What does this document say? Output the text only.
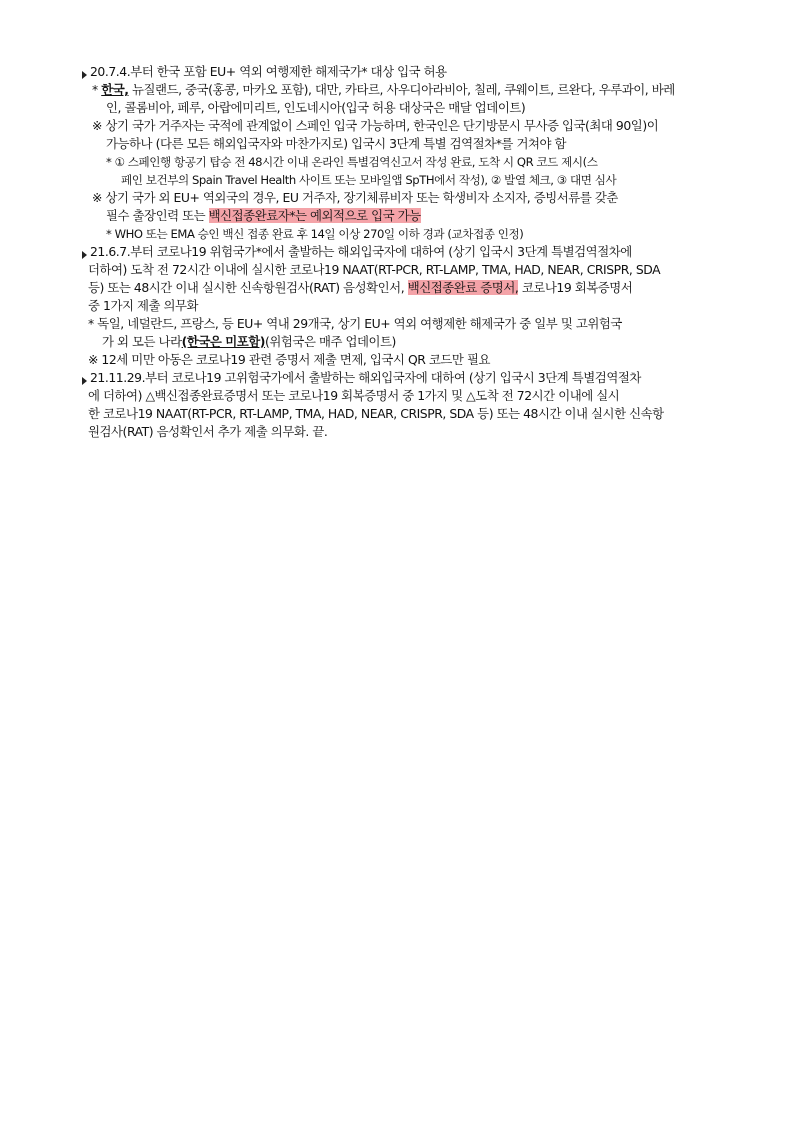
20.7.4.부터 한국 포함 EU+ 역외 여행제한 해제국가* 대상 입국 허용
* 한국, 뉴질랜드, 중국(홍콩, 마카오 포함), 대만, 카타르, 사우디아라비아, 칠레, 쿠웨이트, 르완다, 우루과이, 바레
인, 콜롬비아, 페루, 아랍에미리트, 인도네시아(입국 허용 대상국은 매달 업데이트)
※ 상기 국가 거주자는 국적에 관계없이 스페인 입국 가능하며, 한국인은 단기방문시 무사증 입국(최대 90일)이
가능하나 (다른 모든 해외입국자와 마찬가지로) 입국시 3단계 특별 검역절차*를 거쳐야 함
* ① 스페인행 항공기 탑승 전 48시간 이내 온라인 특별검역신고서 작성 완료, 도착 시 QR 코드 제시(스
페인 보건부의 Spain Travel Health 사이트 또는 모바일앱 SpTH에서 작성), ② 발열 체크, ③ 대면 심사
※ 상기 국가 외 EU+ 역외국의 경우, EU 거주자, 장기체류비자 또는 학생비자 소지자, 증빙서류를 갖춘
필수 출장인력 또는 백신접종완료자*는 예외적으로 입국 가능
* WHO 또는 EMA 승인 백신 접종 완료 후 14일 이상 270일 이하 경과 (교차접종 인정)
21.6.7.부터 코로나19 위험국가*에서 출발하는 해외입국자에 대하여 (상기 입국시 3단계 특별검역절차에
더하여) 도착 전 72시간 이내에 실시한 코로나19 NAAT(RT-PCR, RT-LAMP, TMA, HAD, NEAR, CRISPR, SDA
등) 또는 48시간 이내 실시한 신속항원검사(RAT) 음성확인서, 백신접종완료 증명서, 코로나19 회복증명서
중 1가지 제출 의무화
* 독일, 네덜란드, 프랑스, 등 EU+ 역내 29개국, 상기 EU+ 역외 여행제한 해제국가 중 일부 및 고위험국
가 외 모든 나라(한국은 미포함)(위험국은 매주 업데이트)
※ 12세 미만 아동은 코로나19 관련 증명서 제출 면제, 입국시 QR 코드만 필요
21.11.29.부터 코로나19 고위험국가에서 출발하는 해외입국자에 대하여 (상기 입국시 3단계 특별검역절차
에 더하여) △백신접종완료증명서 또는 코로나19 회복증명서 중 1가지 및 △도착 전 72시간 이내에 실시
한 코로나19 NAAT(RT-PCR, RT-LAMP, TMA, HAD, NEAR, CRISPR, SDA 등) 또는 48시간 이내 실시한 신속항
원검사(RAT) 음성확인서 추가 제출 의무화. 끝.
